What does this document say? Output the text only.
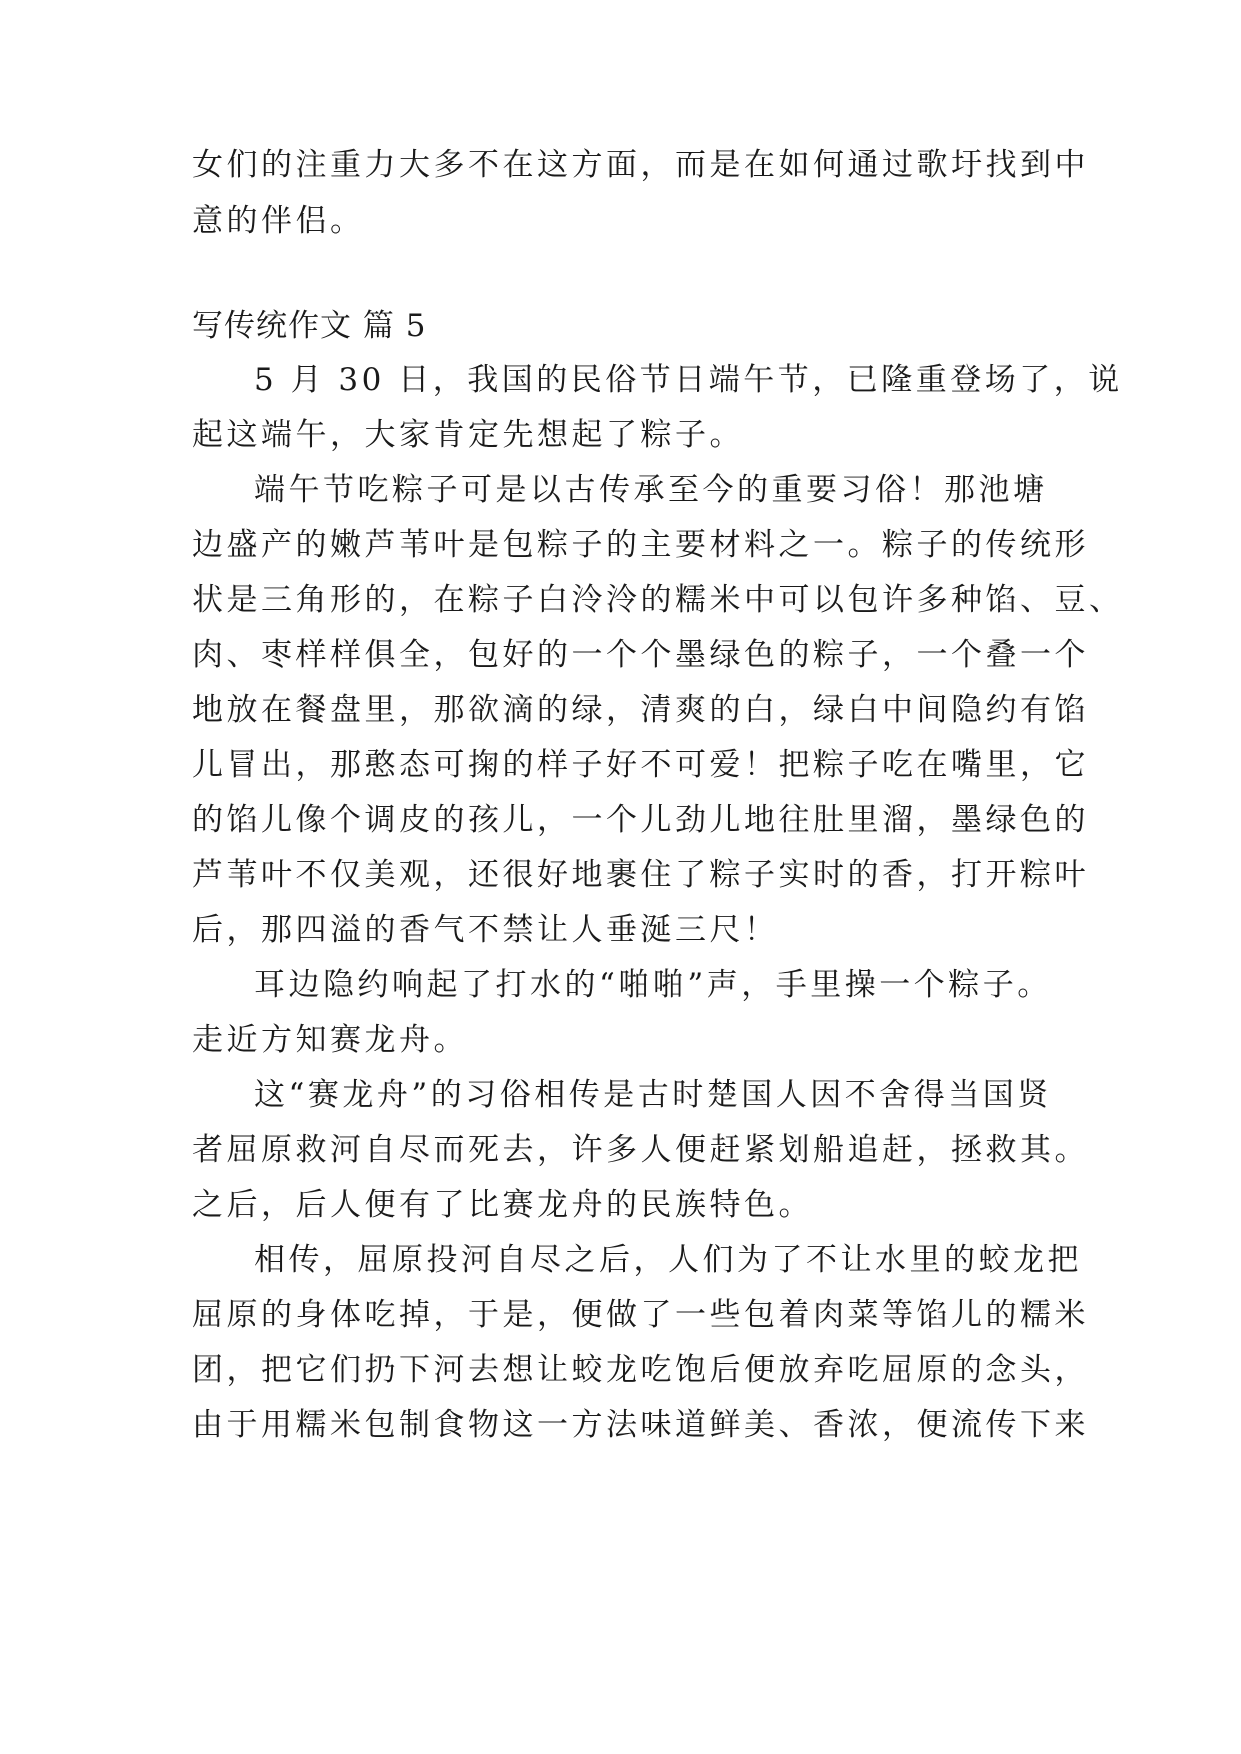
女们的注重力大多不在这方面，而是在如何通过歌圩找到中
意的伴侣。
写传统作文 篇 5
5 月 30 日，我国的民俗节日端午节，已隆重登场了，说
起这端午，大家肯定先想起了粽子。
端午节吃粽子可是以古传承至今的重要习俗！那池塘
边盛产的嫩芦苇叶是包粽子的主要材料之一。粽子的传统形
状是三角形的，在粽子白泠泠的糯米中可以包许多种馅、豆、
肉、枣样样俱全，包好的一个个墨绿色的粽子，一个叠一个
地放在餐盘里，那欲滴的绿，清爽的白，绿白中间隐约有馅
儿冒出，那憨态可掬的样子好不可爱！把粽子吃在嘴里，它
的馅儿像个调皮的孩儿，一个儿劲儿地往肚里溜，墨绿色的
芦苇叶不仅美观，还很好地裹住了粽子实时的香，打开粽叶
后，那四溢的香气不禁让人垂涎三尺！
耳边隐约响起了打水的“啪啪”声，手里操一个粽子。
走近方知赛龙舟。
这“赛龙舟”的习俗相传是古时楚国人因不舍得当国贤
者屈原救河自尽而死去，许多人便赶紧划船追赶，拯救其。
之后，后人便有了比赛龙舟的民族特色。
相传，屈原投河自尽之后，人们为了不让水里的蛟龙把
屈原的身体吃掉，于是，便做了一些包着肉菜等馅儿的糯米
团，把它们扔下河去想让蛟龙吃饱后便放弃吃屈原的念头，
由于用糯米包制食物这一方法味道鲜美、香浓，便流传下来
